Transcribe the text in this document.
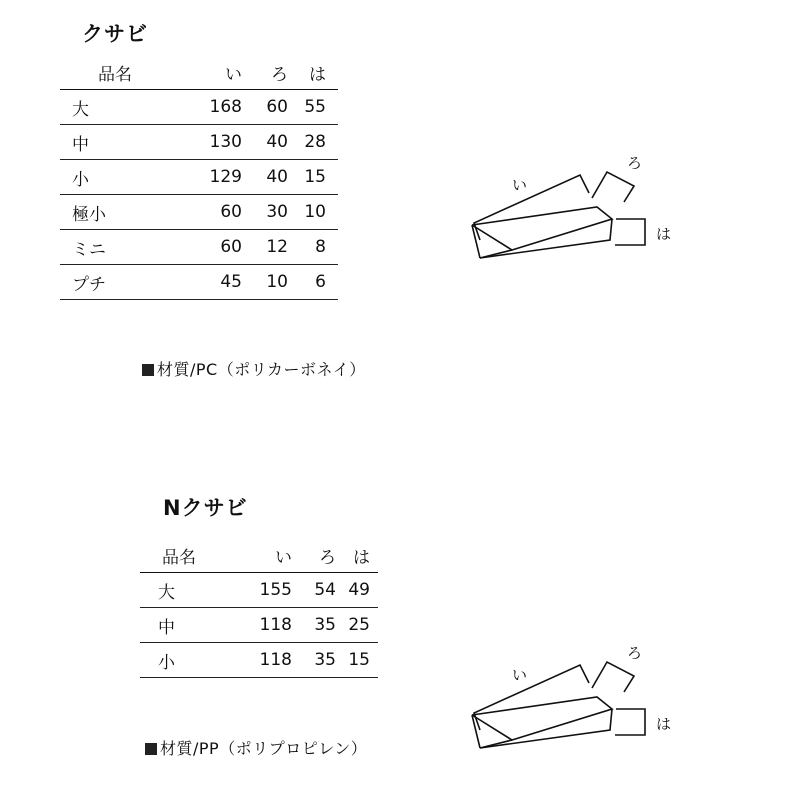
クサビ
品名	い	ろ	は
大	168	60	55
中	130	40	28
小	129	40	15
極小	60	30	10
ミニ	60	12	8
プチ	45	10	6
材質/PC（ポリカーボネイ）
い
ろ
は
Nクサビ
品名	い	ろ	は
大	155	54	49
中	118	35	25
小	118	35	15
材質/PP（ポリプロピレン）
い
ろ
は
